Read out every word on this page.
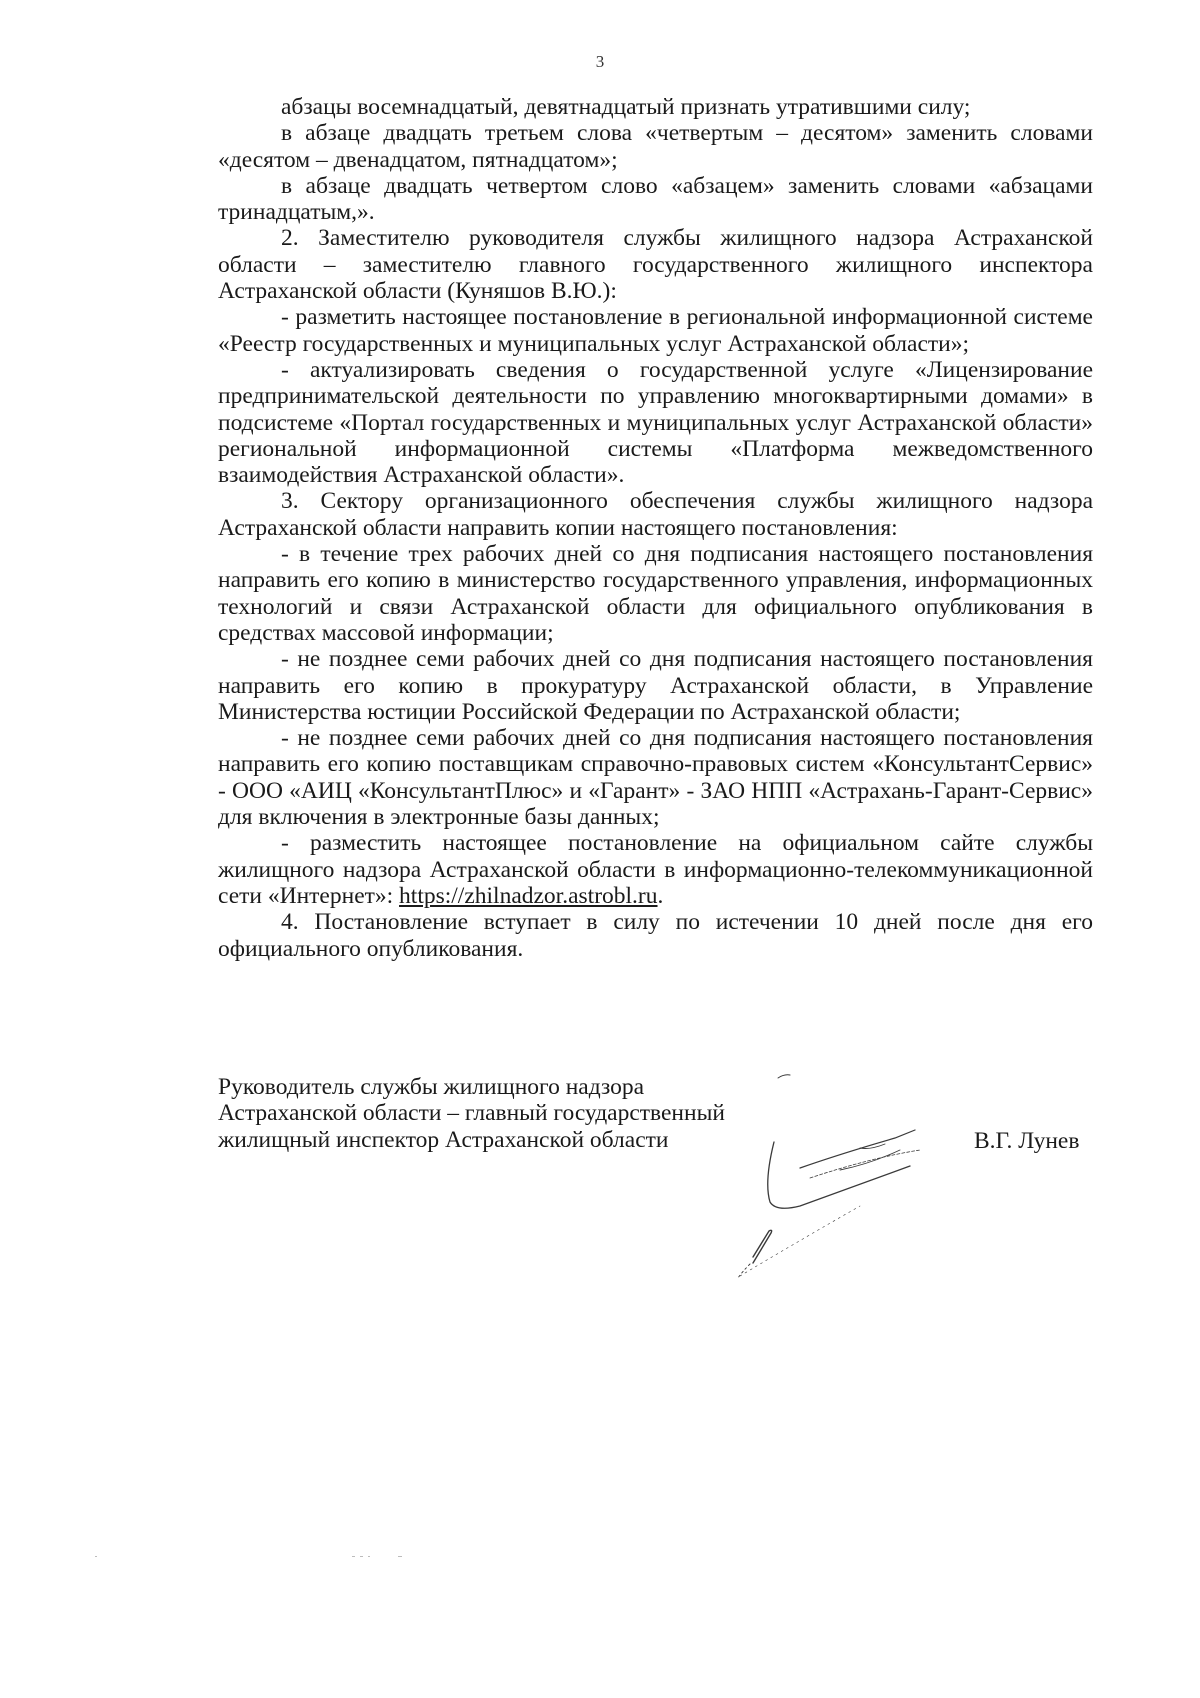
3

абзацы восемнадцатый, девятнадцатый признать утратившими силу;

в абзаце двадцать третьем слова «четвертым – десятом» заменить словами «десятом – двенадцатом, пятнадцатом»;

в абзаце двадцать четвертом слово «абзацем» заменить словами «абзацами тринадцатым,».

2. Заместителю руководителя службы жилищного надзора Астраханской области – заместителю главного государственного жилищного инспектора Астраханской области (Куняшов В.Ю.):

- разметить настоящее постановление в региональной информационной системе «Реестр государственных и муниципальных услуг Астраханской области»;

- актуализировать сведения о государственной услуге «Лицензирование предпринимательской деятельности по управлению многоквартирными домами» в подсистеме «Портал государственных и муниципальных услуг Астраханской области» региональной информационной системы «Платформа межведомственного взаимодействия Астраханской области».

3. Сектору организационного обеспечения службы жилищного надзора Астраханской области направить копии настоящего постановления:

- в течение трех рабочих дней со дня подписания настоящего постановления направить его копию в министерство государственного управления, информационных технологий и связи Астраханской области для официального опубликования в средствах массовой информации;

- не позднее семи рабочих дней со дня подписания настоящего постановления направить его копию в прокуратуру Астраханской области, в Управление Министерства юстиции Российской Федерации по Астраханской области;

- не позднее семи рабочих дней со дня подписания настоящего постановления направить его копию поставщикам справочно-правовых систем «КонсультантСервис» - ООО «АИЦ «КонсультантПлюс» и «Гарант» - ЗАО НПП «Астрахань-Гарант-Сервис» для включения в электронные базы данных;

- разместить настоящее постановление на официальном сайте службы жилищного надзора Астраханской области в информационно-телекоммуникационной сети «Интернет»: https://zhilnadzor.astrobl.ru.

4. Постановление вступает в силу по истечении 10 дней после дня его официального опубликования.

Руководитель службы жилищного надзора
Астраханской области – главный государственный
жилищный инспектор Астраханской области	В.Г. Лунев
